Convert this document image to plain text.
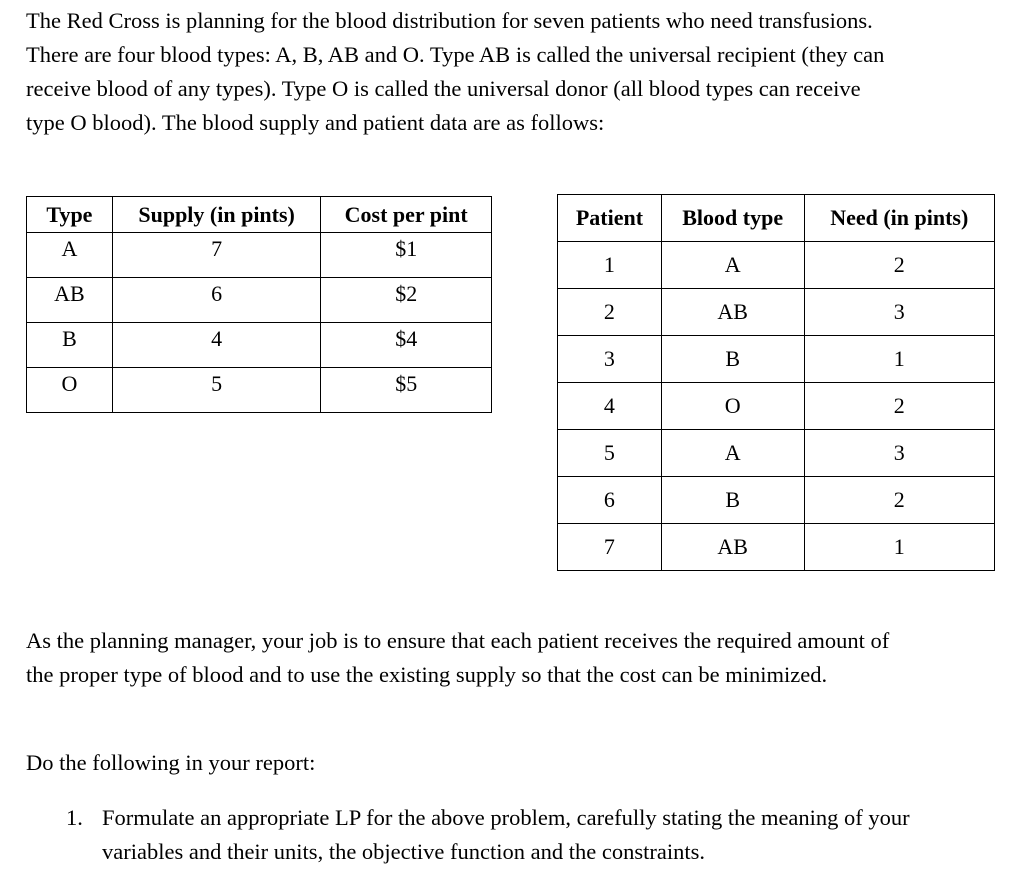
The Red Cross is planning for the blood distribution for seven patients who need transfusions.
There are four blood types: A, B, AB and O. Type AB is called the universal recipient (they can
receive blood of any types). Type O is called the universal donor (all blood types can receive
type O blood). The blood supply and patient data are as follows:
Type	Supply (in pints)	Cost per pint
A	7	$1
AB	6	$2
B	4	$4
O	5	$5
Patient	Blood type	Need (in pints)
1	A	2
2	AB	3
3	B	1
4	O	2
5	A	3
6	B	2
7	AB	1
As the planning manager, your job is to ensure that each patient receives the required amount of
the proper type of blood and to use the existing supply so that the cost can be minimized.
Do the following in your report:
1. Formulate an appropriate LP for the above problem, carefully stating the meaning of your
variables and their units, the objective function and the constraints.
